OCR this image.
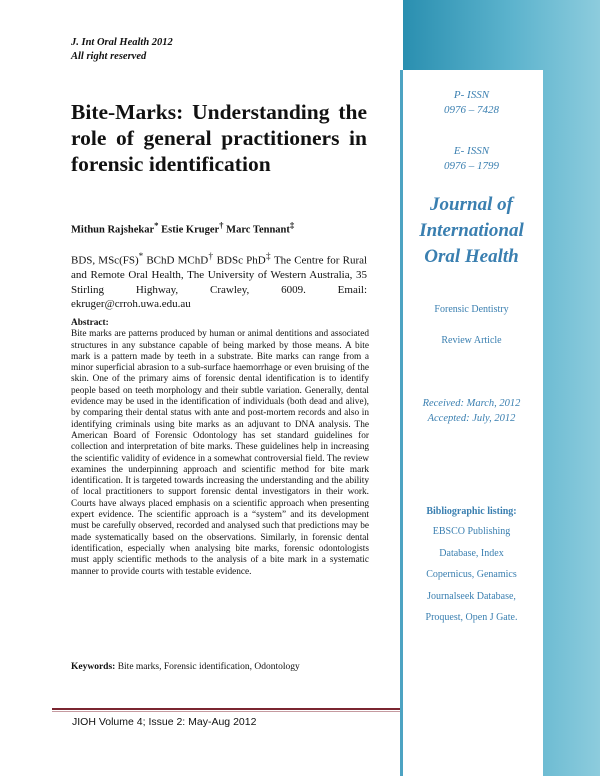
J. Int Oral Health 2012
All right reserved
Bite-Marks: Understanding the role of general practitioners in forensic identification
Mithun Rajshekar* Estie Kruger† Marc Tennant‡
BDS, MSc(FS)* BChD MChD† BDSc PhD‡ The Centre for Rural and Remote Oral Health, The University of Western Australia, 35 Stirling Highway, Crawley, 6009. Email: ekruger@crroh.uwa.edu.au
Abstract:
Bite marks are patterns produced by human or animal dentitions and associated structures in any substance capable of being marked by those means. A bite mark is a pattern made by teeth in a substrate. Bite marks can range from a minor superficial abrasion to a sub-surface haemorrhage or even bruising of the skin. One of the primary aims of forensic dental identification is to identify people based on teeth morphology and their subtle variation. Generally, dental evidence may be used in the identification of individuals (both dead and alive), by comparing their dental status with ante and post-mortem records and also in identifying criminals using bite marks as an adjuvant to DNA analysis. The American Board of Forensic Odontology has set standard guidelines for collection and interpretation of bite marks. These guidelines help in increasing the scientific validity of evidence in a somewhat controversial field. The review examines the underpinning approach and scientific method for bite mark identification. It is targeted towards increasing the understanding and the ability of local practitioners to support forensic dental investigators in their work. Courts have always placed emphasis on a scientific approach when presenting expert evidence. The scientific approach is a “system” and its development must be carefully observed, recorded and analysed such that predictions may be made systematically based on the observations. Similarly, in forensic dental identification, especially when analysing bite marks, forensic odontologists must apply scientific methods to the analysis of a bite mark in a systematic manner to provide courts with testable evidence.
Keywords: Bite marks, Forensic identification, Odontology
JIOH Volume 4; Issue 2: May-Aug 2012
P- ISSN
0976 – 7428
E- ISSN
0976 – 1799
Journal of
International
Oral Health
Forensic Dentistry
Review Article
Received: March, 2012
Accepted: July, 2012
Bibliographic listing:
EBSCO Publishing
Database, Index
Copernicus, Genamics
Journalseek Database,
Proquest, Open J Gate.
